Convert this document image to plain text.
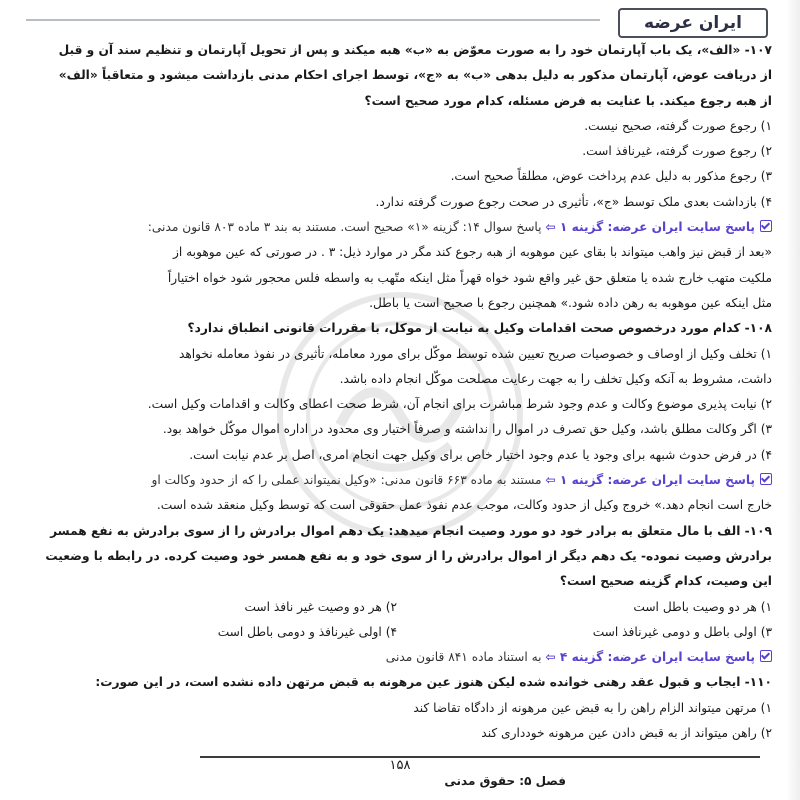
ایران عرضه
۱۰۷- «الف»، یک باب آپارتمان خود را به صورت معوّض به «ب» هبه میکند و پس از تحویل آپارتمان و تنظیم سند آن و قبل
از دریافت عوض، آپارتمان مذکور به دلیل بدهی «ب» به «ج»، توسط اجرای احکام مدنی بازداشت میشود و متعاقباً «الف»
از هبه رجوع میکند. با عنایت به فرض مسئله، کدام مورد صحیح است؟
۱) رجوع صورت گرفته، صحیح نیست.
۲) رجوع صورت گرفته، غیرنافذ است.
۳) رجوع مذکور به دلیل عدم پرداخت عوض، مطلقاً صحیح است.
۴) بازداشت بعدی ملک توسط «ج»، تأثیری در صحت رجوع صورت گرفته ندارد.
پاسخ سایت ایران عرضه: گزینه ۱ ⇦ پاسخ سوال ۱۴: گزینه «۱» صحیح است. مستند به بند ۳ ماده ۸۰۳ قانون مدنی:
«بعد از قبض نیز واهب میتواند با بقای عین موهوبه از هبه رجوع کند مگر در موارد ذیل: ۳ . در صورتی که عین موهوبه از
ملکیت متهب خارج شده یا متعلق حق غیر واقع شود خواه قهراً مثل اینکه متّهب به واسطه فلس محجور شود خواه اختیاراً
مثل اینکه عین موهوبه به رهن داده شود.» همچنین رجوع با صحیح است یا باطل.
۱۰۸- کدام مورد درخصوص صحت اقدامات وکیل به نیابت از موکل، با مقررات قانونی انطباق ندارد؟
۱) تخلف وکیل از اوصاف و خصوصیات صریح تعیین شده توسط موکّل برای مورد معامله، تأثیری در نفوذ معامله نخواهد
داشت، مشروط به آنکه وکیل تخلف را به جهت رعایت مصلحت موکّل انجام داده باشد.
۲) نیابت پذیری موضوع وکالت و عدم وجود شرط مباشرت برای انجام آن، شرط صحت اعطای وکالت و اقدامات وکیل است.
۳) اگر وکالت مطلق باشد، وکیل حق تصرف در اموال را نداشته و صرفاً اختیار وی محدود در اداره اموال موکّل خواهد بود.
۴) در فرض حدوث شبهه برای وجود یا عدم وجود اختیار خاص برای وکیل جهت انجام امری، اصل بر عدم نیابت است.
پاسخ سایت ایران عرضه: گزینه ۱ ⇦ مستند به ماده ۶۶۳ قانون مدنی: «وکیل نمیتواند عملی را که از حدود وکالت او
خارج است انجام دهد.» خروج وکیل از حدود وکالت، موجب عدم نفوذ عمل حقوقی است که توسط وکیل منعقد شده است.
۱۰۹- الف با مال متعلق به برادر خود دو مورد وصیت انجام میدهد: یک دهم اموال برادرش را از سوی برادرش به نفع همسر
برادرش وصیت نموده- یک دهم دیگر از اموال برادرش را از سوی خود و به نفع همسر خود وصیت کرده. در رابطه با وضعیت
این وصیت، کدام گزینه صحیح است؟
۱) هر دو وصیت باطل است
۲) هر دو وصیت غیر نافذ است
۳) اولی باطل و دومی غیرنافذ است
۴) اولی غیرنافذ و دومی باطل است
پاسخ سایت ایران عرضه: گزینه ۴ ⇦ به استناد ماده ۸۴۱ قانون مدنی
۱۱۰- ایجاب و قبول عقد رهنی خوانده شده لیکن هنوز عین مرهونه به قبض مرتهن داده نشده است، در این صورت:
۱) مرتهن میتواند الزام راهن را به قبض عین مرهونه از دادگاه تقاضا کند
۲) راهن میتواند از به قبض دادن عین مرهونه خودداری کند
۱۵۸
فصل ۵: حقوق مدنی
